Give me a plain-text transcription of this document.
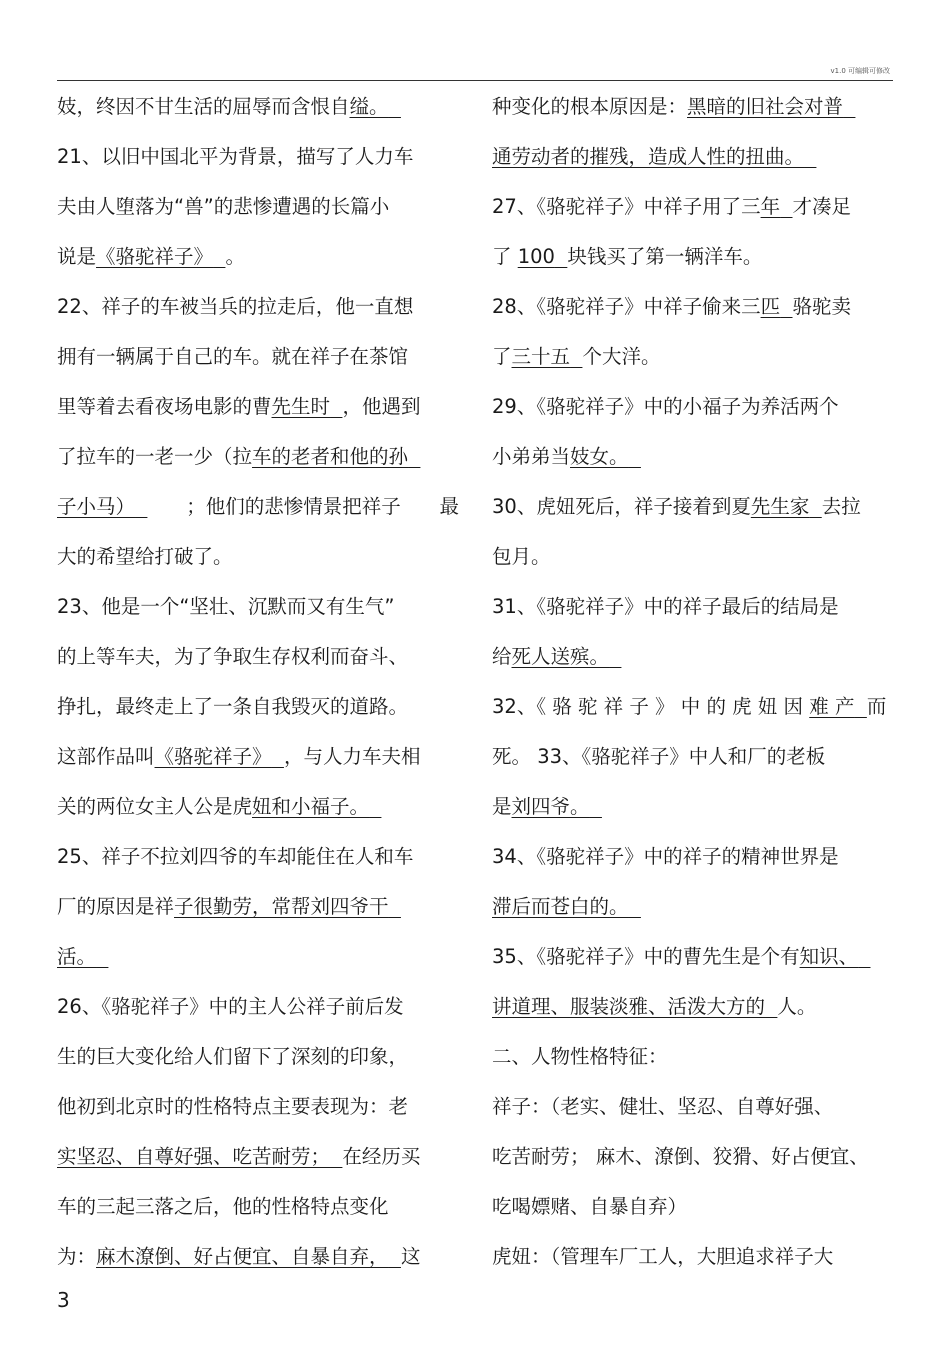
v1.0 可编辑可修改
妓，终因不甘生活的屈辱而含恨自缢。
21、以旧中国北平为背景，描写了人力车
夫由人堕落为“兽”的悲惨遭遇的长篇小
说是《骆驼祥子》 。
22、祥子的车被当兵的拉走后，他一直想
拥有一辆属于自己的车。就在祥子在茶馆
里等着去看夜场电影的曹先生时 ，他遇到
了拉车的一老一少（拉车的老者和他的孙
子小马）	；他们的悲惨情景把祥子 最
大的希望给打破了。
23、他是一个“坚壮、沉默而又有生气”
的上等车夫，为了争取生存权利而奋斗、
挣扎，最终走上了一条自我毁灭的道路。
这部作品叫《骆驼祥子》 ，与人力车夫相
关的两位女主人公是虎妞和小福子。
25、祥子不拉刘四爷的车却能住在人和车
厂的原因是祥子很勤劳，常帮刘四爷干
活。
26、《骆驼祥子》中的主人公祥子前后发
生的巨大变化给人们留下了深刻的印象，
他初到北京时的性格特点主要表现为：老
实坚忍、自尊好强、吃苦耐劳； 在经历买
车的三起三落之后，他的性格特点变化
为：麻木潦倒、好占便宜、自暴自弃， 这
种变化的根本原因是：黑暗的旧社会对普
通劳动者的摧残，造成人性的扭曲。
27、《骆驼祥子》中祥子用了三年 才凑足
了 100 块钱买了第一辆洋车。
28、《骆驼祥子》中祥子偷来三匹 骆驼卖
了三十五 个大洋。
29、《骆驼祥子》中的小福子为养活两个
小弟弟当妓女。
30、虎妞死后，祥子接着到夏先生家 去拉
包月。
31、《骆驼祥子》中的祥子最后的结局是
给死人送殡。
32、《 骆 驼 祥 子 》 中 的 虎 妞 因 难 产 而
死。 33、《骆驼祥子》中人和厂的老板
是刘四爷。
34、《骆驼祥子》中的祥子的精神世界是
滞后而苍白的。
35、《骆驼祥子》中的曹先生是个有知识、
讲道理、服装淡雅、活泼大方的 人。
二、人物性格特征：
祥子：（老实、健壮、坚忍、自尊好强、
吃苦耐劳； 麻木、潦倒、狡猾、好占便宜、
吃喝嫖赌、自暴自弃）
虎妞：（管理车厂工人，大胆追求祥子大
3
